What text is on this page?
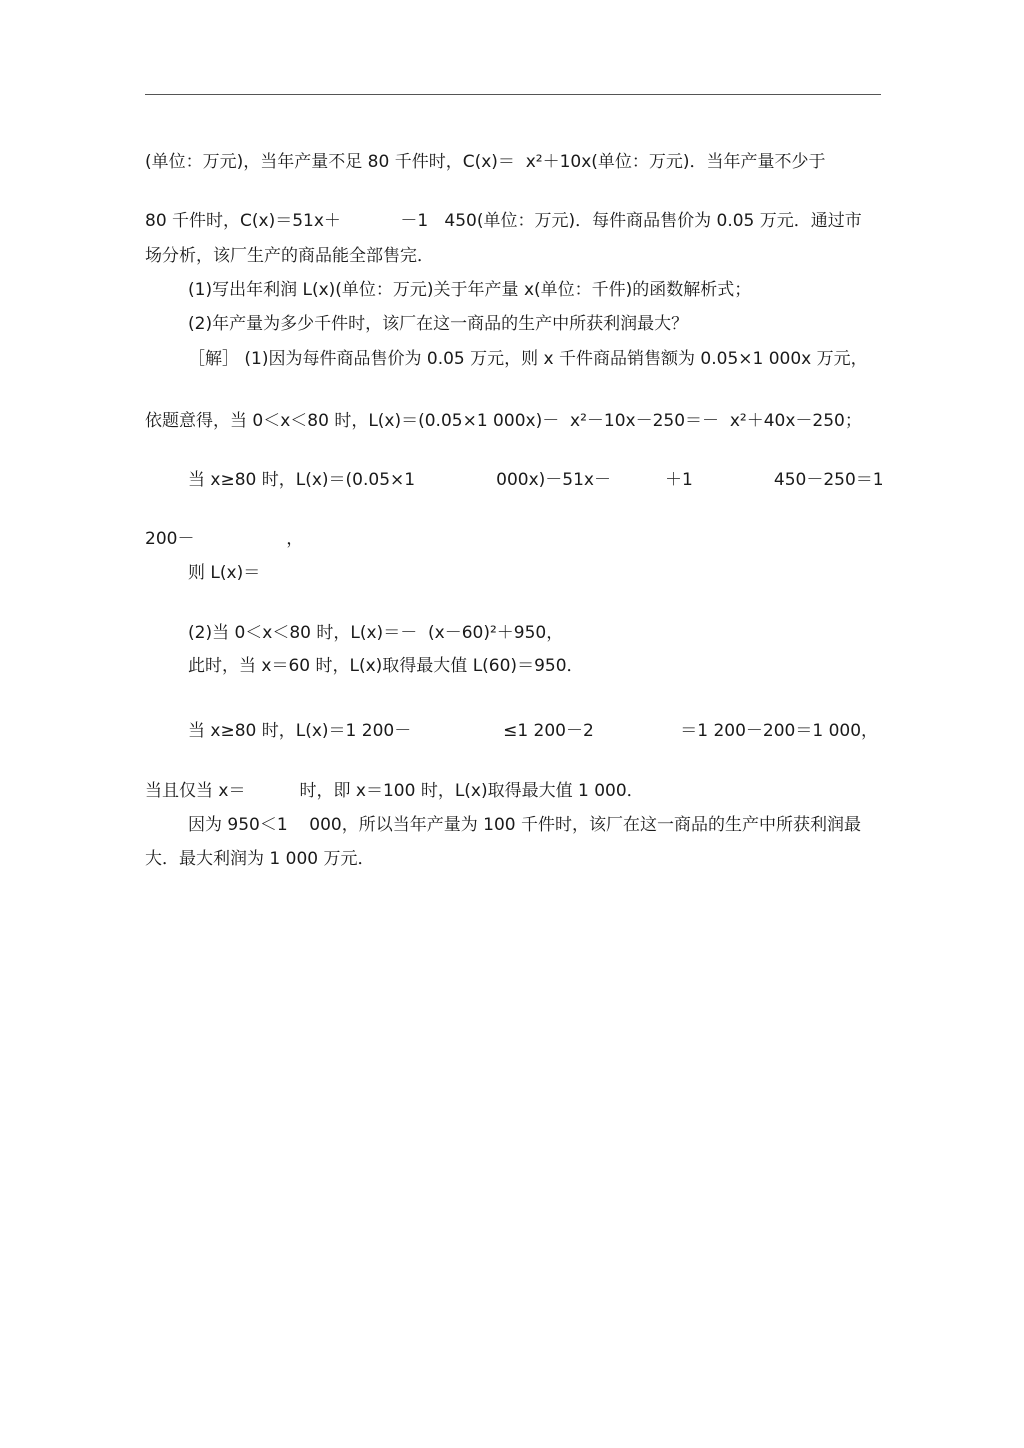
(单位：万元)，当年产量不足 80 千件时，C(x)＝  x²＋10x(单位：万元)．当年产量不少于
80 千件时，C(x)＝51x＋           －1   450(单位：万元)．每件商品售价为 0.05 万元．通过市
场分析，该厂生产的商品能全部售完．
(1)写出年利润 L(x)(单位：万元)关于年产量 x(单位：千件)的函数解析式；
(2)年产量为多少千件时，该厂在这一商品的生产中所获利润最大？
［解］ (1)因为每件商品售价为 0.05 万元，则 x 千件商品销售额为 0.05×1 000x 万元，
依题意得，当 0＜x＜80 时，L(x)＝(0.05×1 000x)－  x²－10x－250＝－  x²＋40x－250；
当 x≥80 时，L(x)＝(0.05×1               000x)－51x－          ＋1               450－250＝1
200－                 ，
则 L(x)＝
(2)当 0＜x＜80 时，L(x)＝－  (x－60)²＋950，
此时，当 x＝60 时，L(x)取得最大值 L(60)＝950．
当 x≥80 时，L(x)＝1 200－                 ≤1 200－2                ＝1 200－200＝1 000，
当且仅当 x＝          时，即 x＝100 时，L(x)取得最大值 1 000．
因为 950＜1    000，所以当年产量为 100 千件时，该厂在这一商品的生产中所获利润最
大．最大利润为 1 000 万元．
